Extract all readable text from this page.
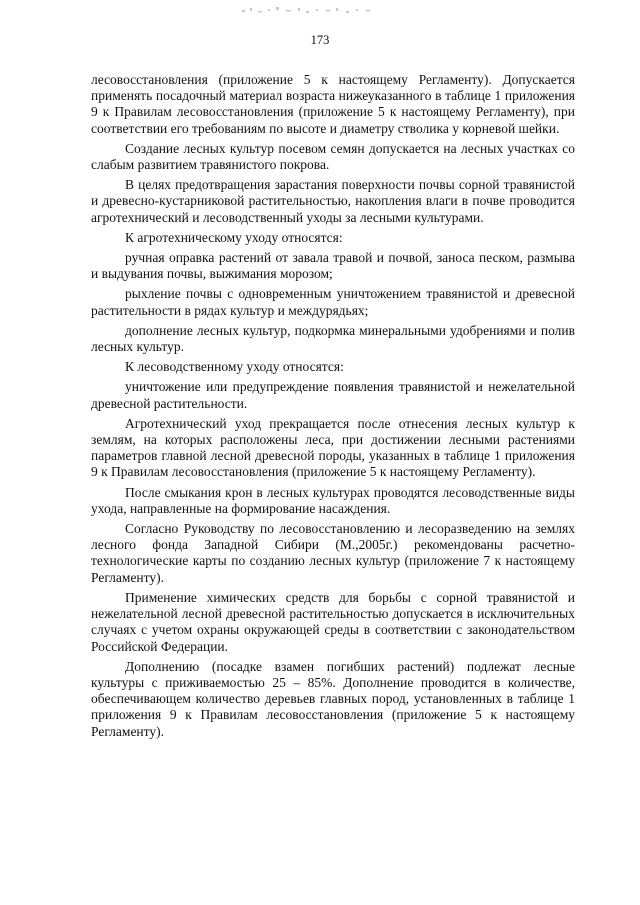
173

лесовосстановления (приложение 5 к настоящему Регламенту). Допускается применять посадочный материал возраста нижеуказанного в таблице 1 приложения 9 к Правилам лесовосстановления (приложение 5 к настоящему Регламенту), при соответствии его требованиям по высоте и диаметру стволика у корневой шейки.

Создание лесных культур посевом семян допускается на лесных участках со слабым развитием травянистого покрова.

В целях предотвращения зарастания поверхности почвы сорной травянистой и древесно-кустарниковой растительностью, накопления влаги в почве проводится агротехнический и лесоводственный уходы за лесными культурами.

К агротехническому уходу относятся:

ручная оправка растений от завала травой и почвой, заноса песком, размыва и выдувания почвы, выжимания морозом;

рыхление почвы с одновременным уничтожением травянистой и древесной растительности в рядах культур и междурядьях;

дополнение лесных культур, подкормка минеральными удобрениями и полив лесных культур.

К лесоводственному уходу относятся:

уничтожение или предупреждение появления травянистой и нежелательной древесной растительности.

Агротехнический уход прекращается после отнесения лесных культур к землям, на которых расположены леса, при достижении лесными растениями параметров главной лесной древесной породы, указанных в таблице 1 приложения 9 к Правилам лесовосстановления (приложение 5 к настоящему Регламенту).

После смыкания крон в лесных культурах проводятся лесоводственные виды ухода, направленные на формирование насаждения.

Согласно Руководству по лесовосстановлению и лесоразведению на землях лесного фонда Западной Сибири (М.,2005г.) рекомендованы расчетно-технологические карты по созданию лесных культур (приложение 7 к настоящему Регламенту).

Применение химических средств для борьбы с сорной травянистой и нежелательной лесной древесной растительностью допускается в исключительных случаях с учетом охраны окружающей среды в соответствии с законодательством Российской Федерации.

Дополнению (посадке взамен погибших растений) подлежат лесные культуры с приживаемостью 25 – 85%. Дополнение проводится в количестве, обеспечивающем количество деревьев главных пород, установленных в таблице 1 приложения 9 к Правилам лесовосстановления (приложение 5 к настоящему Регламенту).
